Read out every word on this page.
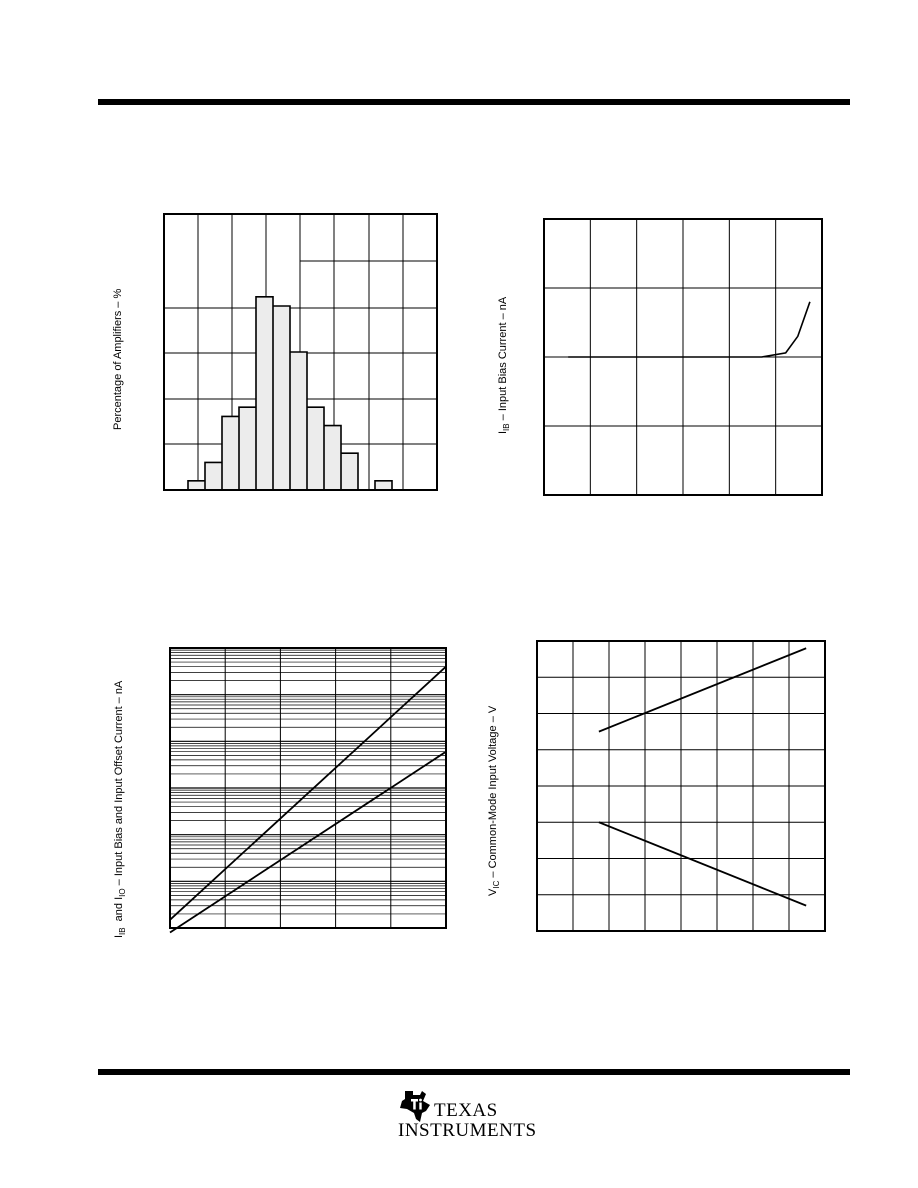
Percentage of Amplifiers – %
$I_{IB}$ – Input Bias Current – nA
$I_{IB}$ and $I_{IO}$ – Input Bias and Input Offset Current – nA
$V_{IC}$ – Common-Mode Input Voltage – V
TEXAS
INSTRUMENTS
